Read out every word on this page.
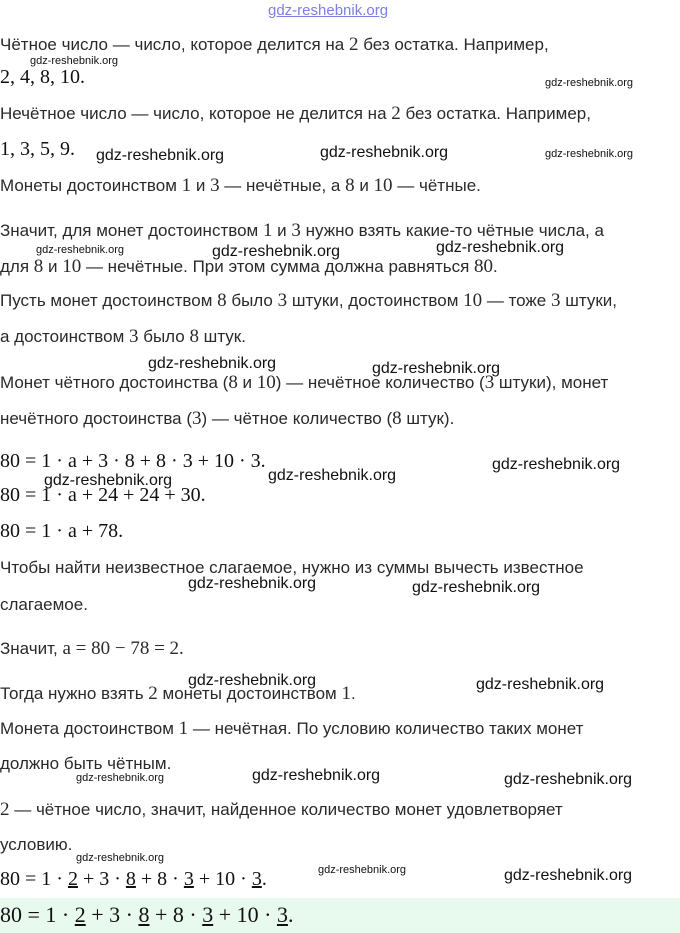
gdz-reshebnik.org
Чётное число — число, которое делится на 2 без остатка. Например,
2, 4, 8, 10.
Нечётное число — число, которое не делится на 2 без остатка. Например,
1, 3, 5, 9.
Монеты достоинством 1 и 3 — нечётные, а 8 и 10 — чётные.
Значит, для монет достоинством 1 и 3 нужно взять какие-то чётные числа, а
для 8 и 10 — нечётные. При этом сумма должна равняться 80.
Пусть монет достоинством 8 было 3 штуки, достоинством 10 — тоже 3 штуки,
а достоинством 3 было 8 штук.
Монет чётного достоинства (8 и 10) — нечётное количество (3 штуки), монет
нечётного достоинства (3) — чётное количество (8 штук).
80 = 1 · a + 3 · 8 + 8 · 3 + 10 · 3.
80 = 1 · a + 24 + 24 + 30.
80 = 1 · a + 78.
Чтобы найти неизвестное слагаемое, нужно из суммы вычесть известное
слагаемое.
Значит, a = 80 − 78 = 2.
Тогда нужно взять 2 монеты достоинством 1.
Монета достоинством 1 — нечётная. По условию количество таких монет
должно быть чётным.
2 — чётное число, значит, найденное количество монет удовлетворяет
условию.
80 = 1 · 2 + 3 · 8 + 8 · 3 + 10 · 3.
80 = 1 · 2 + 3 · 8 + 8 · 3 + 10 · 3.
gdz-reshebnik.org
gdz-reshebnik.org
gdz-reshebnik.org	gdz-reshebnik.org	gdz-reshebnik.org
gdz-reshebnik.org	gdz-reshebnik.org	gdz-reshebnik.org
gdz-reshebnik.org	gdz-reshebnik.org
gdz-reshebnik.org
gdz-reshebnik.org	gdz-reshebnik.org
gdz-reshebnik.org	gdz-reshebnik.org
gdz-reshebnik.org	gdz-reshebnik.org
gdz-reshebnik.org	gdz-reshebnik.org	gdz-reshebnik.org
gdz-reshebnik.org
gdz-reshebnik.org	gdz-reshebnik.org
